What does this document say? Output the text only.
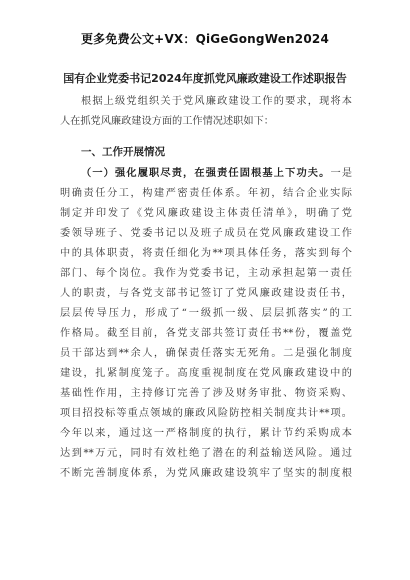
更多免费公文+VX：QiGeGongWen2024
国有企业党委书记2024年度抓党风廉政建设工作述职报告
根据上级党组织关于党风廉政建设工作的要求，现将本
人在抓党风廉政建设方面的工作情况述职如下：
一、工作开展情况
（一）强化履职尽责，在强责任固根基上下功夫。一是
明确责任分工，构建严密责任体系。年初，结合企业实际
制定并印发了《党风廉政建设主体责任清单》，明确了党
委领导班子、党委书记以及班子成员在党风廉政建设工作
中的具体职责，将责任细化为**项具体任务，落实到每个
部门、每个岗位。我作为党委书记，主动承担起第一责任
人的职责，与各党支部书记签订了党风廉政建设责任书，
层层传导压力，形成了“一级抓一级、层层抓落实”的工
作格局。截至目前，各党支部共签订责任书**份，覆盖党
员干部达到**余人，确保责任落实无死角。二是强化制度
建设，扎紧制度笼子。高度重视制度在党风廉政建设中的
基础性作用，主持修订完善了涉及财务审批、物资采购、
项目招投标等重点领域的廉政风险防控相关制度共计**项。
今年以来，通过这一严格制度的执行，累计节约采购成本
达到**万元，同时有效杜绝了潜在的利益输送风险。通过
不断完善制度体系，为党风廉政建设筑牢了坚实的制度根
